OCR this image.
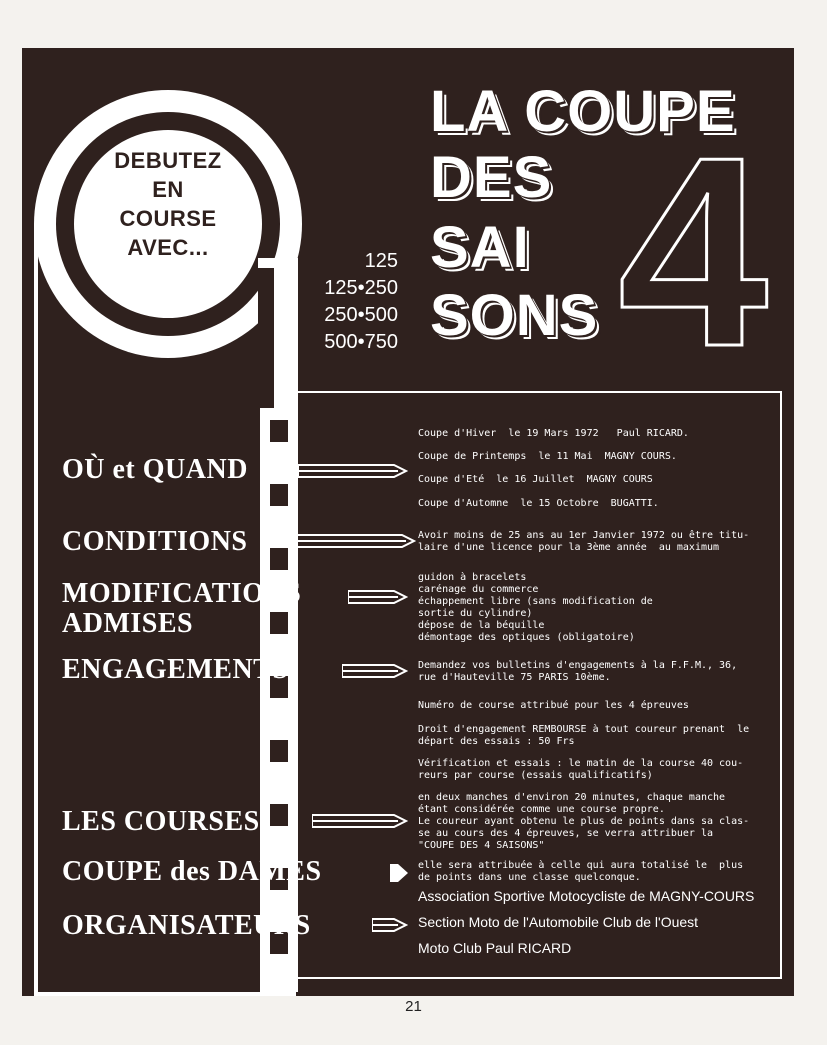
DEBUTEZ
EN
COURSE
AVEC...
LA COUPE
DES
SAI
SONS 4
125
125•250
250•500
500•750
OÙ et QUAND
Coupe d'Hiver  le 19 Mars 1972   Paul RICARD.
Coupe de Printemps  le 11 Mai  MAGNY COURS.
Coupe d'Eté  le 16 Juillet  MAGNY COURS
Coupe d'Automne  le 15 Octobre  BUGATTI.
CONDITIONS	Avoir moins de 25 ans au 1er Janvier 1972 ou être titu-
laire d'une licence pour la 3ème année  au maximum
MODIFICATIONS
ADMISES
guidon à bracelets
carénage du commerce
échappement libre (sans modification de
sortie du cylindre)
dépose de la béquille
démontage des optiques (obligatoire)
ENGAGEMENTS	Demandez vos bulletins d'engagements à la F.F.M., 36,
rue d'Hauteville 75 PARIS 10ème.
Numéro de course attribué pour les 4 épreuves
Droit d'engagement REMBOURSE à tout coureur prenant  le
départ des essais : 50 Frs
Vérification et essais : le matin de la course 40 cou-
reurs par course (essais qualificatifs)
LES COURSES
en deux manches d'environ 20 minutes, chaque manche
étant considérée comme une course propre.
Le coureur ayant obtenu le plus de points dans sa clas-
se au cours des 4 épreuves, se verra attribuer la
"COUPE DES 4 SAISONS"
COUPE des DAMES	elle sera attribuée à celle qui aura totalisé le  plus
de points dans une classe quelconque.
ORGANISATEURS
Association Sportive Motocycliste de MAGNY-COURS
Section Moto de l'Automobile Club de l'Ouest
Moto Club Paul RICARD
21
